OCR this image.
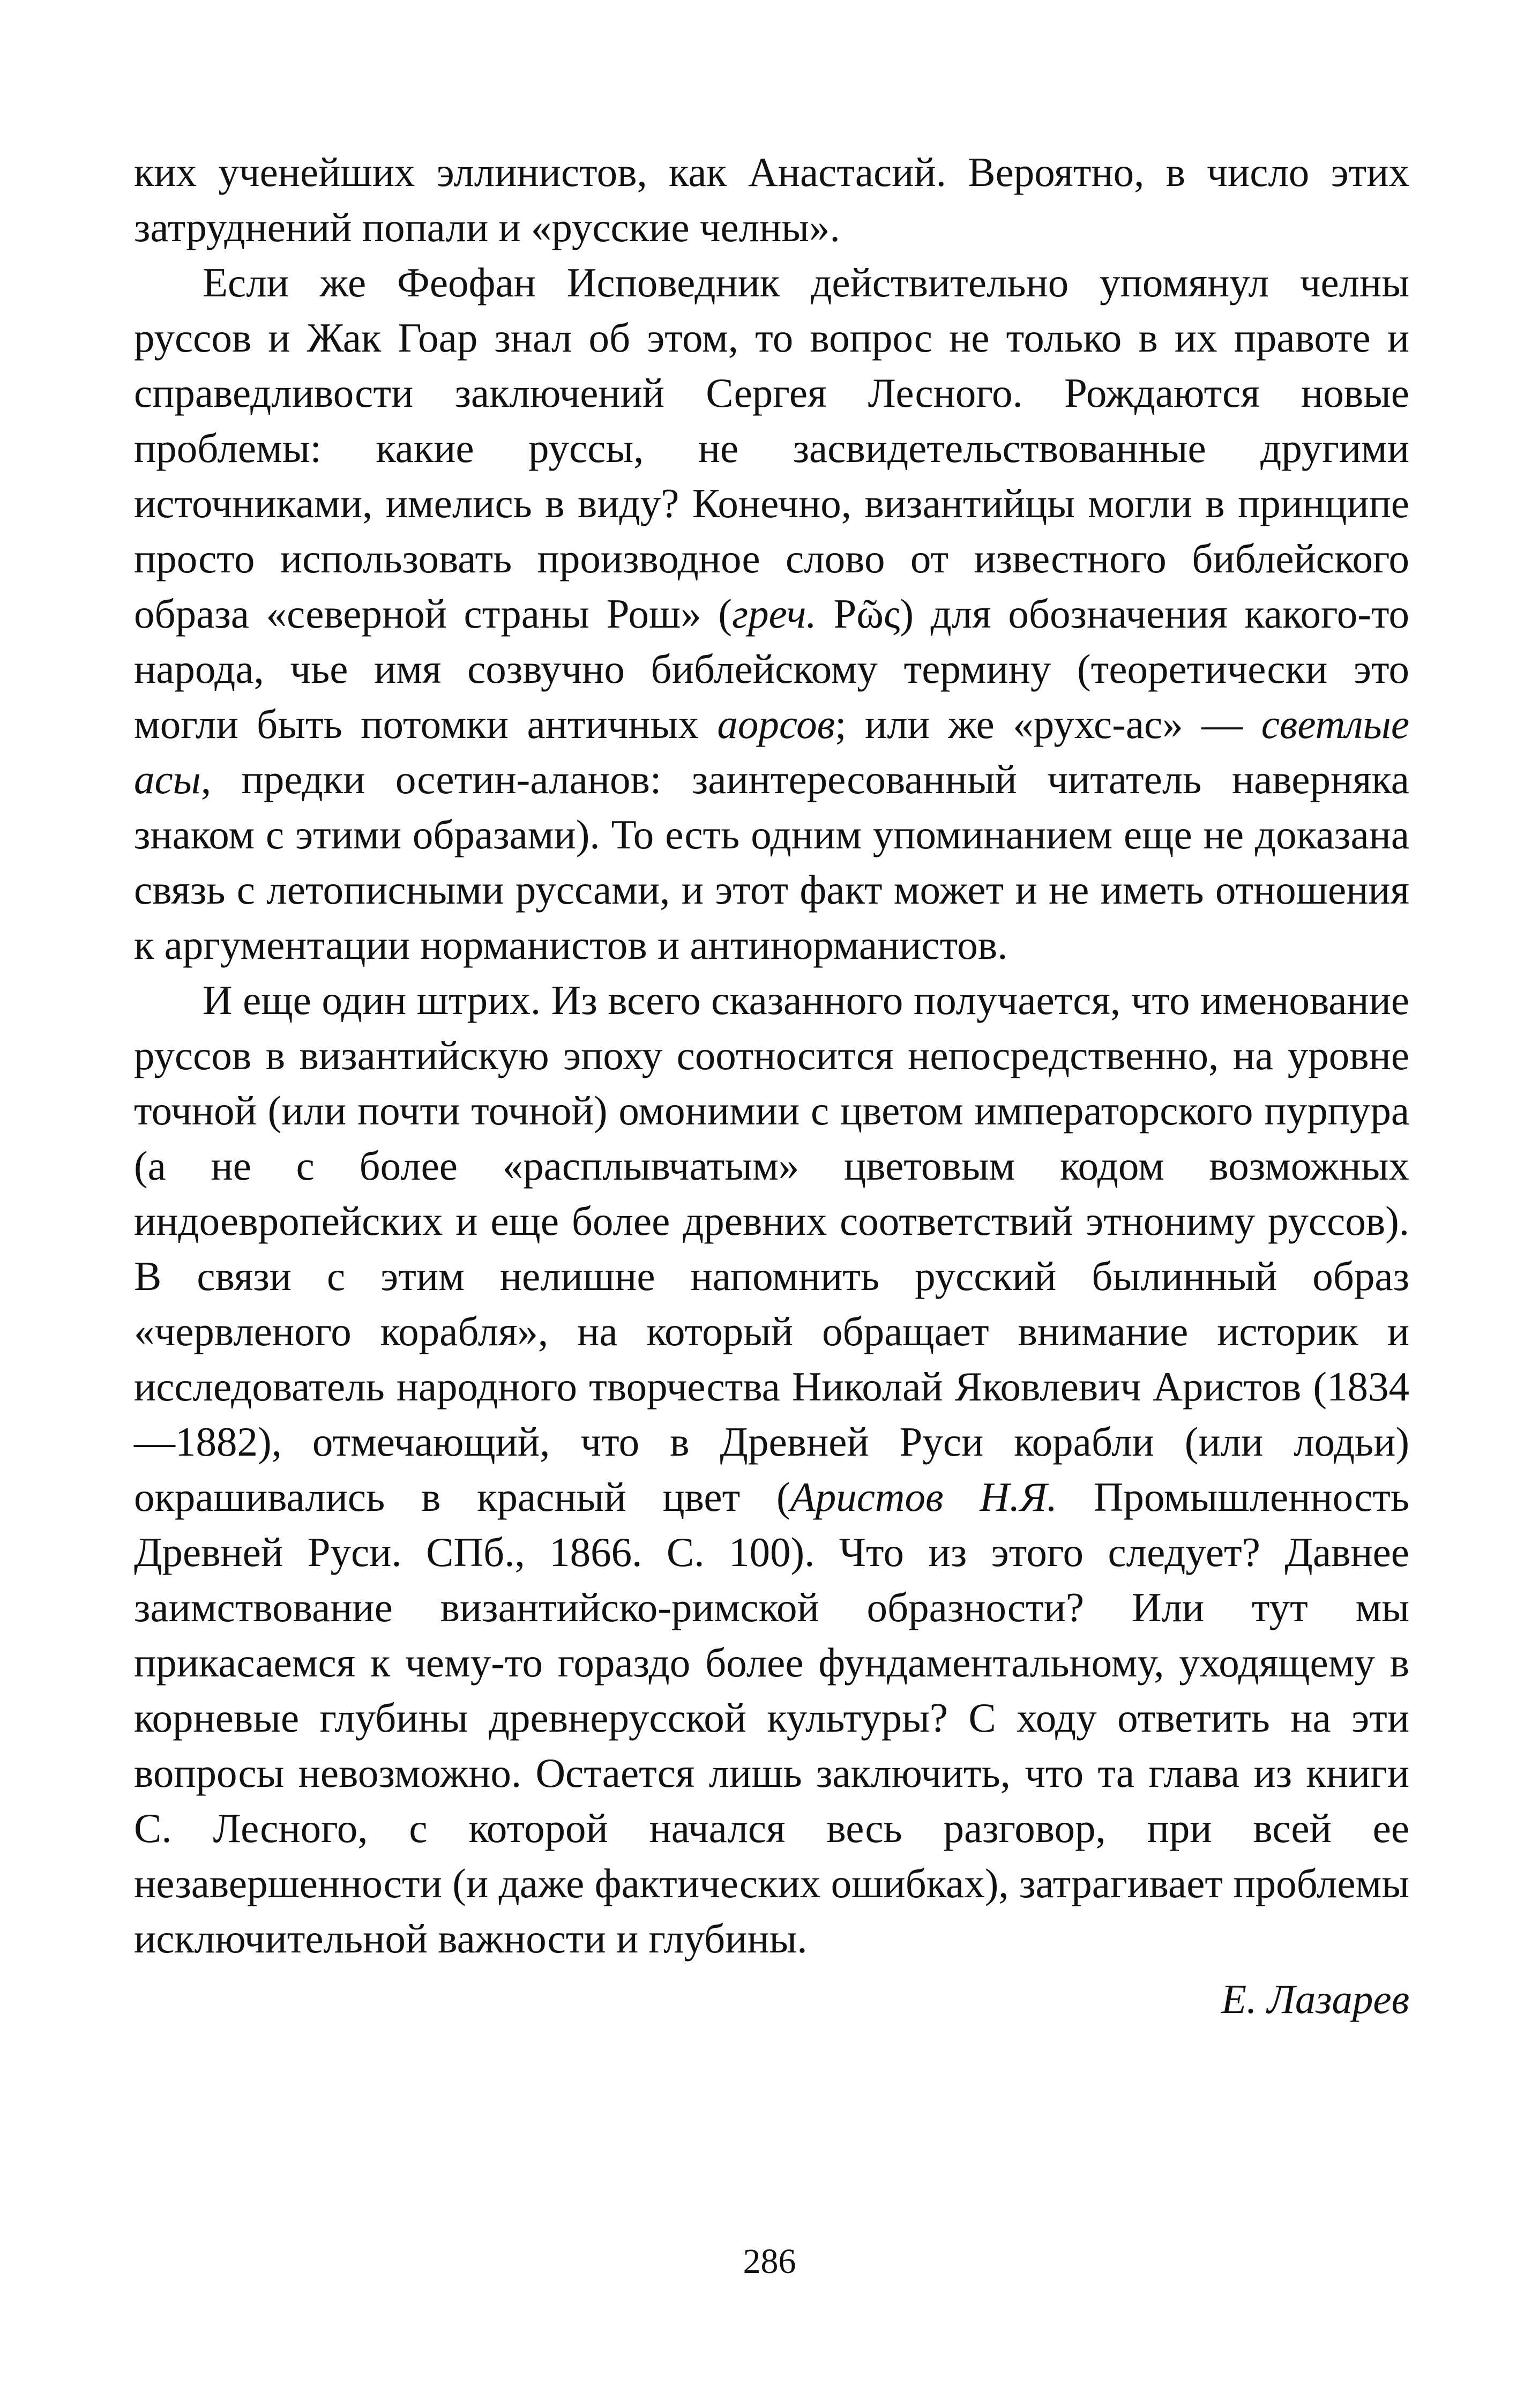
ких ученейших эллинистов, как Анастасий. Вероятно, в число этих затруднений попали и «русские челны».

Если же Феофан Исповедник действительно упомянул челны руссов и Жак Гоар знал об этом, то вопрос не только в их правоте и справедливости заключений Сергея Лесного. Рождаются новые проблемы: какие руссы, не засвидетельствованные другими источниками, имелись в виду? Конечно, византийцы могли в принципе просто использовать производное слово от известного библейского образа «северной страны Рош» (греч. Ρῶς) для обозначения какого-то народа, чье имя созвучно библейскому термину (теоретически это могли быть потомки античных аорсов; или же «рухс-ас» — светлые асы, предки осетин-аланов: заинтересованный читатель наверняка знаком с этими образами). То есть одним упоминанием еще не доказана связь с летописными руссами, и этот факт может и не иметь отношения к аргументации норманистов и антинорманистов.

И еще один штрих. Из всего сказанного получается, что именование руссов в византийскую эпоху соотносится непосредственно, на уровне точной (или почти точной) омонимии с цветом императорского пурпура (а не с более «расплывчатым» цветовым кодом возможных индоевропейских и еще более древних соответствий этнониму руссов). В связи с этим нелишне напомнить русский былинный образ «червленого корабля», на который обращает внимание историк и исследователь народного творчества Николай Яковлевич Аристов (1834—1882), отмечающий, что в Древней Руси корабли (или лодьи) окрашивались в красный цвет (Аристов Н.Я. Промышленность Древней Руси. СПб., 1866. С. 100). Что из этого следует? Давнее заимствование византийско-римской образности? Или тут мы прикасаемся к чему-то гораздо более фундаментальному, уходящему в корневые глубины древнерусской культуры? С ходу ответить на эти вопросы невозможно. Остается лишь заключить, что та глава из книги С. Лесного, с которой начался весь разговор, при всей ее незавершенности (и даже фактических ошибках), затрагивает проблемы исключительной важности и глубины.

Е. Лазарев

286
